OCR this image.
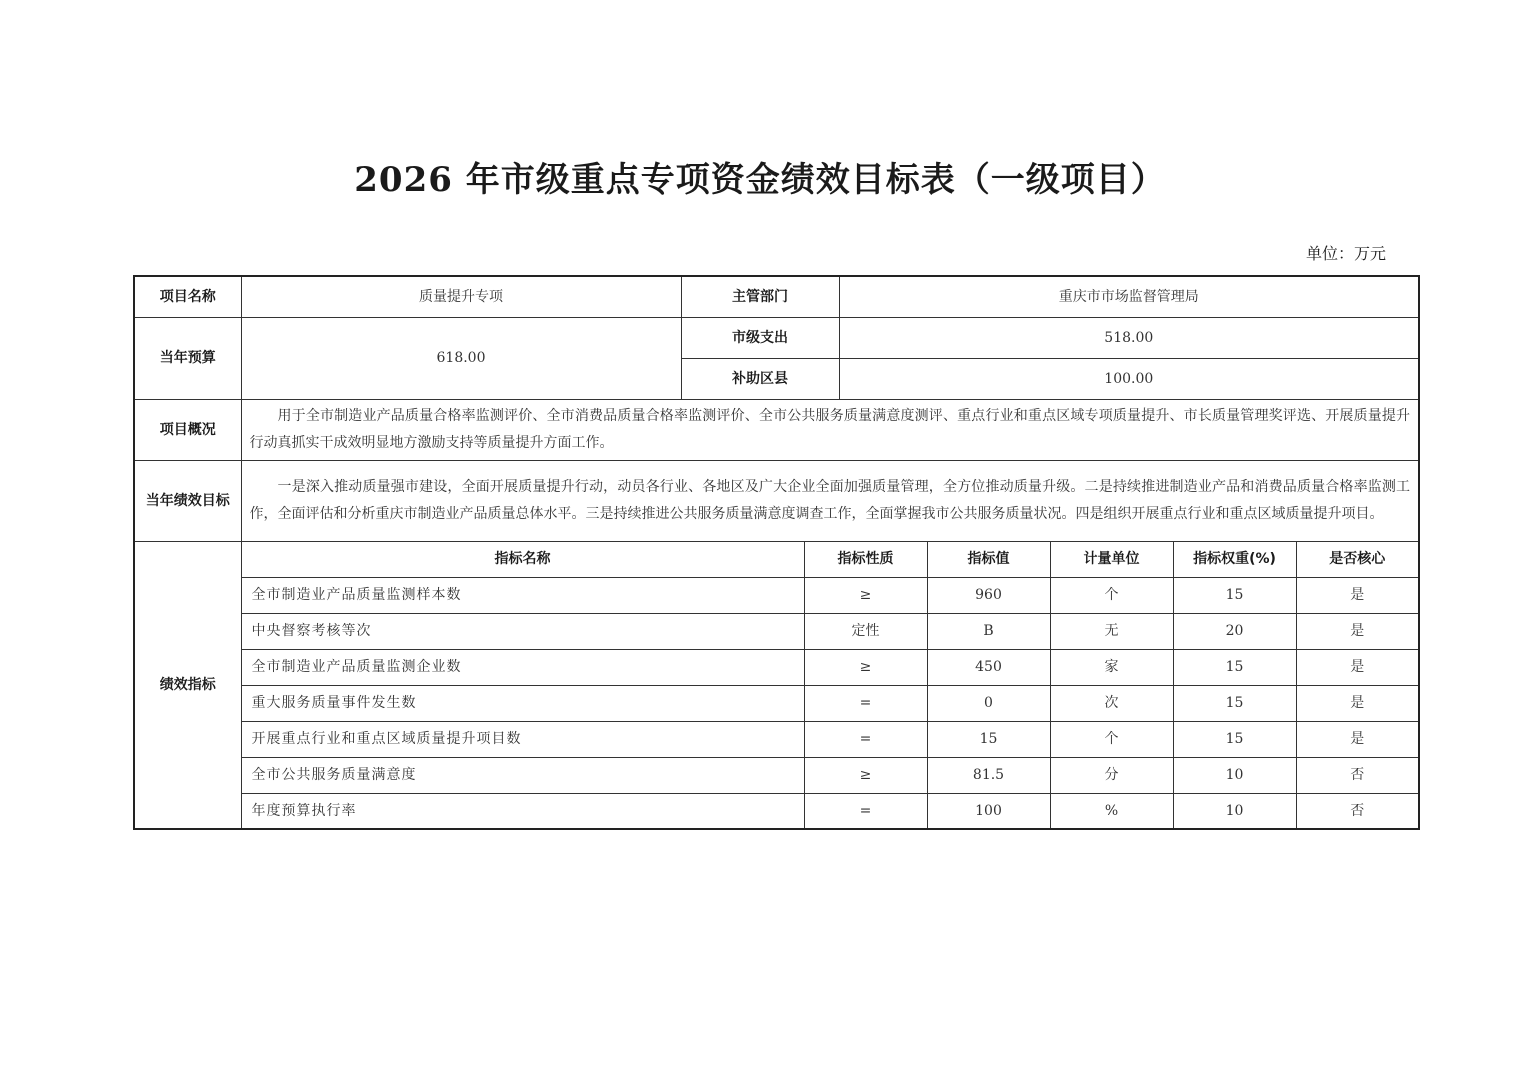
2026 年市级重点专项资金绩效目标表（一级项目）
单位：万元
项目名称	质量提升专项	主管部门		重庆市市场监督管理局				
当年预算	618.00	市级支出		518.00				
		补助区县		100.00				
项目概况	用于全市制造业产品质量合格率监测评价、全市消费品质量合格率监测评价、全市公共服务质量满意度测评、重点行业和重点区域专项质量提升、市长质量管理奖评选、开展质量提升行动真抓实干成效明显地方激励支持等质量提升方面工作。							
当年绩效目标	一是深入推动质量强市建设，全面开展质量提升行动，动员各行业、各地区及广大企业全面加强质量管理，全方位推动质量升级。二是持续推进制造业产品和消费品质量合格率监测工作，全面评估和分析重庆市制造业产品质量总体水平。三是持续推进公共服务质量满意度调查工作，全面掌握我市公共服务质量状况。四是组织开展重点行业和重点区域质量提升项目。							
绩效指标	指标名称		指标性质		指标值	计量单位	指标权重(%)	是否核心
	全市制造业产品质量监测样本数		≥		960	个	15	是
	中央督察考核等次		定性		B	无	20	是
	全市制造业产品质量监测企业数		≥		450	家	15	是
	重大服务质量事件发生数		=		0	次	15	是
	开展重点行业和重点区域质量提升项目数		=		15	个	15	是
	全市公共服务质量满意度		≥		81.5	分	10	否
	年度预算执行率		=		100	%	10	否
